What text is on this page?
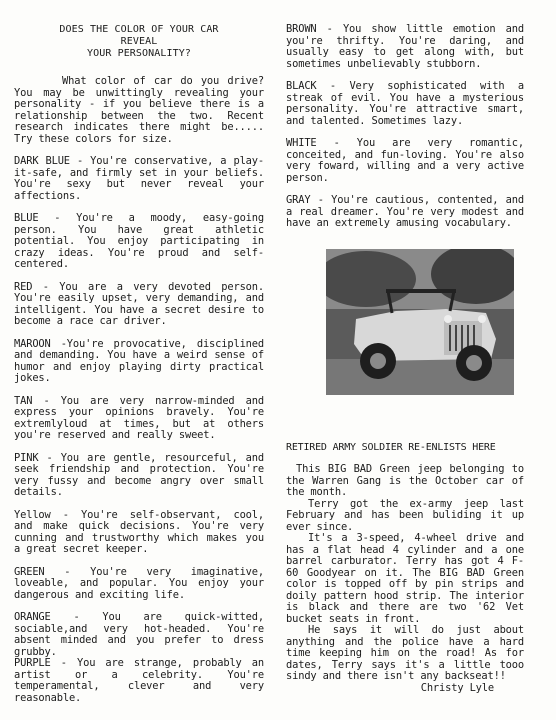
DOES THE COLOR OF YOUR CAR
REVEAL
YOUR PERSONALITY?

What color of car do you drive? You may be unwittingly revealing your personality - if you believe there is a relationship between the two. Recent research indicates there might be..... Try these colors for size.

DARK BLUE - You're conservative, a play-it-safe, and firmly set in your beliefs. You're sexy but never reveal your affections.

BLUE - You're a moody, easy-going person. You have great athletic potential. You enjoy participating in crazy ideas. You're proud and self-centered.

RED - You are a very devoted person. You're easily upset, very demanding, and intelligent. You have a secret desire to become a race car driver.

MAROON -You're provocative, disciplined and demanding. You have a weird sense of humor and enjoy playing dirty practical jokes.

TAN - You are very narrow-minded and express your opinions bravely. You're extremlyloud at times, but at others you're reserved and really sweet.

PINK - You are gentle, resourceful, and seek friendship and protection. You're very fussy and become angry over small details.

Yellow - You're self-observant, cool, and make quick decisions. You're very cunning and trustworthy which makes you a great secret keeper.

GREEN - You're very imaginative, loveable, and popular. You enjoy your dangerous and exciting life.

ORANGE - You are quick-witted, sociable,and very hot-headed. You're absent minded and you prefer to dress grubby.

PURPLE - You are strange, probably an artist or a celebrity. You're temperamental, clever and very reasonable.

BROWN - You show little emotion and you're thrifty. You're daring, and usually easy to get along with, but sometimes unbelievably stubborn.

BLACK - Very sophisticated with a streak of evil. You have a mysterious personality. You're attractive smart, and talented. Sometimes lazy.

WHITE - You are very romantic, conceited, and fun-loving. You're also very foward, willing and a very active person.

GRAY - You're cautious, contented, and a real dreamer. You're very modest and have an extremely amusing vocabulary.

RETIRED ARMY SOLDIER RE-ENLISTS HERE

This BIG BAD Green jeep belonging to the Warren Gang is the October car of the month.

Terry got the ex-army jeep last February and has been buliding it up ever since.

It's a 3-speed, 4-wheel drive and has a flat head 4 cylinder and a one barrel carburator. Terry has got 4 F-60 Goodyear on it. The BIG BAD Green color is topped off by pin strips and doily pattern hood strip. The interior is black and there are two '62 Vet bucket seats in front.

He says it will do just about anything and the police have a hard time keeping him on the road! As for dates, Terry says it's a little tooo sindy and there isn't any backseat!!

Christy Lyle
